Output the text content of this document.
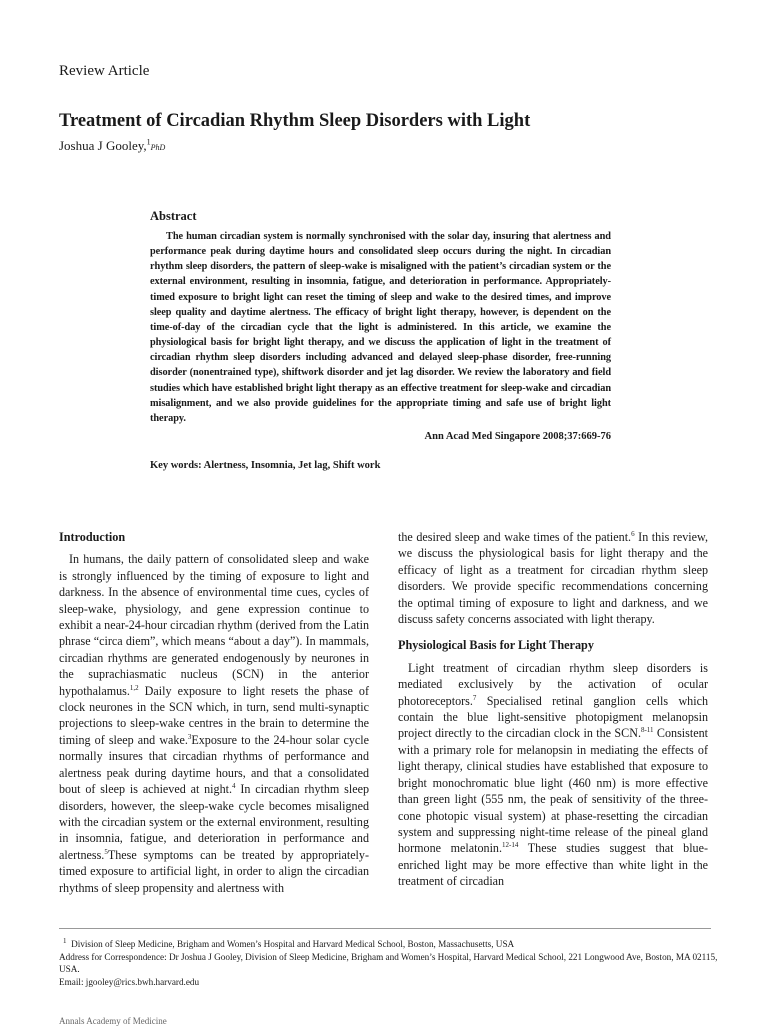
Review Article
Treatment of Circadian Rhythm Sleep Disorders with Light
Joshua J Gooley,$^1$PhD
Abstract
The human circadian system is normally synchronised with the solar day, insuring that alertness and performance peak during daytime hours and consolidated sleep occurs during the night. In circadian rhythm sleep disorders, the pattern of sleep-wake is misaligned with the patient’s circadian system or the external environment, resulting in insomnia, fatigue, and deterioration in performance. Appropriately-timed exposure to bright light can reset the timing of sleep and wake to the desired times, and improve sleep quality and daytime alertness. The efficacy of bright light therapy, however, is dependent on the time-of-day of the circadian cycle that the light is administered. In this article, we examine the physiological basis for bright light therapy, and we discuss the application of light in the treatment of circadian rhythm sleep disorders including advanced and delayed sleep-phase disorder, free-running disorder (nonentrained type), shiftwork disorder and jet lag disorder. We review the laboratory and field studies which have established bright light therapy as an effective treatment for sleep-wake and circadian misalignment, and we also provide guidelines for the appropriate timing and safe use of bright light therapy.
Ann Acad Med Singapore 2008;37:669-76
Key words: Alertness, Insomnia, Jet lag, Shift work
Introduction

In humans, the daily pattern of consolidated sleep and wake is strongly influenced by the timing of exposure to light and darkness. In the absence of environmental time cues, cycles of sleep-wake, physiology, and gene expression continue to exhibit a near-24-hour circadian rhythm (derived from the Latin phrase “circa diem”, which means “about a day”). In mammals, circadian rhythms are generated endogenously by neurones in the suprachiasmatic nucleus (SCN) in the anterior hypothalamus.$^{1,2}$ Daily exposure to light resets the phase of clock neurones in the SCN which, in turn, send multi-synaptic projections to sleep-wake centres in the brain to determine the timing of sleep and wake.$^3$Exposure to the 24-hour solar cycle normally insures that circadian rhythms of performance and alertness peak during daytime hours, and that a consolidated bout of sleep is achieved at night.$^4$ In circadian rhythm sleep disorders, however, the sleep-wake cycle becomes misaligned with the circadian system or the external environment, resulting in insomnia, fatigue, and deterioration in performance and alertness.$^5$These symptoms can be treated by appropriately-timed exposure to artificial light, in order to align the circadian rhythms of sleep propensity and alertness with

the desired sleep and wake times of the patient.$^6$ In this review, we discuss the physiological basis for light therapy and the efficacy of light as a treatment for circadian rhythm sleep disorders. We provide specific recommendations concerning the optimal timing of exposure to light and darkness, and we discuss safety concerns associated with light therapy.

Physiological Basis for Light Therapy

Light treatment of circadian rhythm sleep disorders is mediated exclusively by the activation of ocular photoreceptors.$^7$ Specialised retinal ganglion cells which contain the blue light-sensitive photopigment melanopsin project directly to the circadian clock in the SCN.$^{8-11}$ Consistent with a primary role for melanopsin in mediating the effects of light therapy, clinical studies have established that exposure to bright monochromatic blue light (460 nm) is more effective than green light (555 nm, the peak of sensitivity of the three-cone photopic visual system) at phase-resetting the circadian system and suppressing night-time release of the pineal gland hormone melatonin.$^{12-14}$ These studies suggest that blue-enriched light may be more effective than white light in the treatment of circadian

$^1$ Division of Sleep Medicine, Brigham and Women’s Hospital and Harvard Medical School, Boston, Massachusetts, USA
Address for Correspondence: Dr Joshua J Gooley, Division of Sleep Medicine, Brigham and Women’s Hospital, Harvard Medical School, 221 Longwood Ave, Boston, MA 02115, USA.
Email: jgooley@rics.bwh.harvard.edu
Annals Academy of Medicine
